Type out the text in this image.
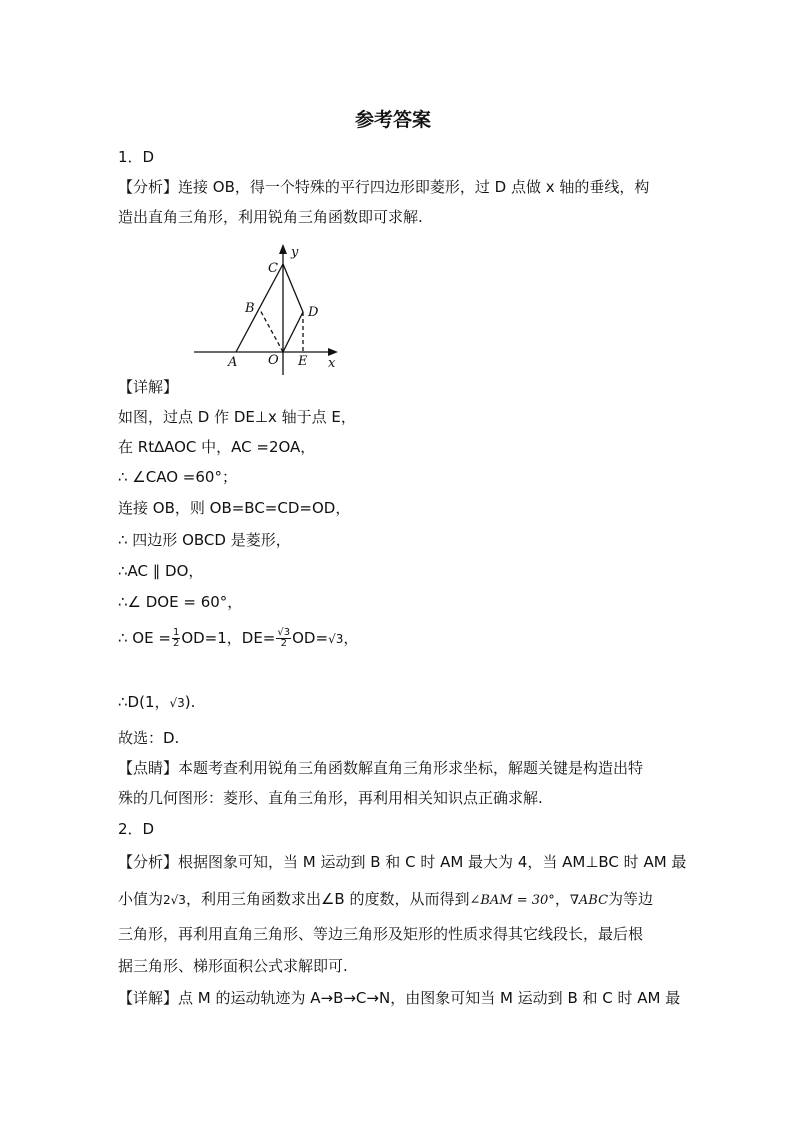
参考答案
1．D
【分析】连接 OB，得一个特殊的平行四边形即菱形，过 D 点做 x 轴的垂线，构
造出直角三角形，利用锐角三角函数即可求解.
y
x
C
B	D
A O E
【详解】
如图，过点 D 作 DE⊥x 轴于点 E，
在 Rt∆AOC 中，AC =2OA，
∴ ∠CAO =60°；
连接 OB，则 OB=BC=CD=OD，
∴ 四边形 OBCD 是菱形，
∴AC ∥ DO，
∴∠ DOE = 60°，
∴ OE = $\frac{1}{2} OD=1$，$DE= \frac{√3}{2} OD=√3$，
∴D(1，√3).
故选：D.
【点睛】本题考查利用锐角三角函数解直角三角形求坐标，解题关键是构造出特
殊的几何图形：菱形、直角三角形，再利用相关知识点正确求解.
2．D
【分析】根据图象可知，当 M 运动到 B 和 C 时 AM 最大为 4，当 AM⊥BC 时 AM 最
小值为2√3，利用三角函数求出∠B 的度数，从而得到∠BAM = 30°，∇ABC为等边
三角形，再利用直角三角形、等边三角形及矩形的性质求得其它线段长，最后根
据三角形、梯形面积公式求解即可.
【详解】点 M 的运动轨迹为 A→B→C→N，由图象可知当 M 运动到 B 和 C 时 AM 最
